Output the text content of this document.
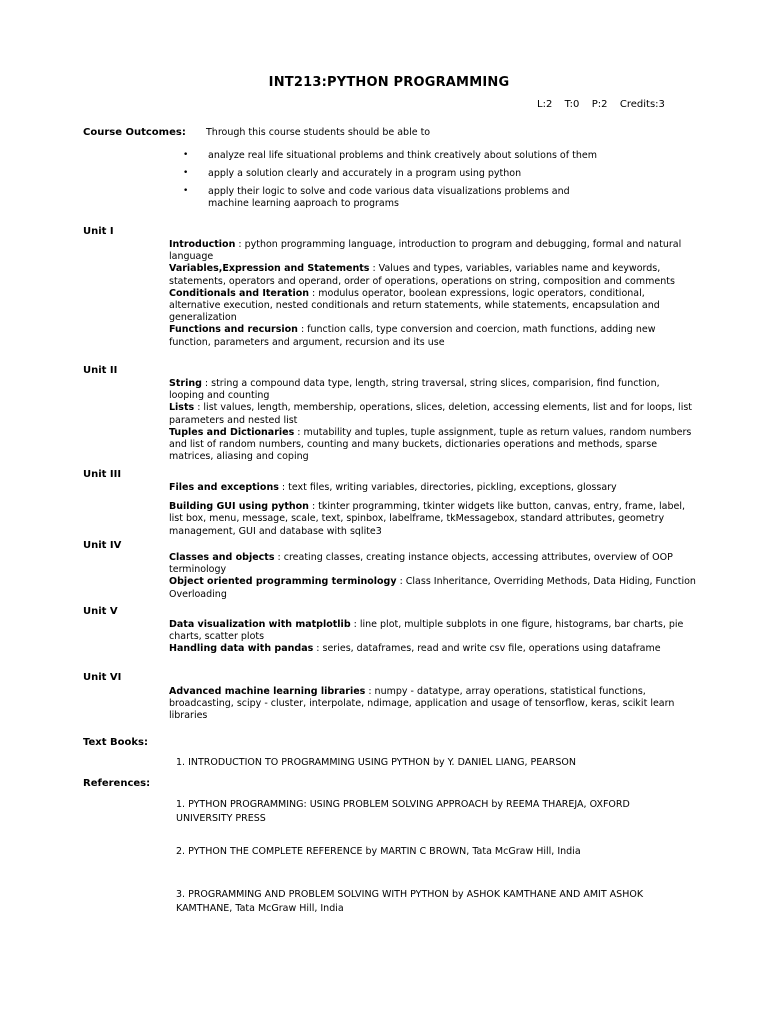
INT213:PYTHON PROGRAMMING
L:2  T:0  P:2  Credits:3
Course Outcomes: Through this course students should be able to
• analyze real life situational problems and think creatively about solutions of them
• apply a solution clearly and accurately in a program using python
• apply their logic to solve and code various data visualizations problems and machine learning aaproach to programs
Unit I

Introduction : python programming language, introduction to program and debugging, formal and natural language

Variables,Expression and Statements : Values and types, variables, variables name and keywords, statements, operators and operand, order of operations, operations on string, composition and comments

Conditionals and Iteration : modulus operator, boolean expressions, logic operators, conditional, alternative execution, nested conditionals and return statements, while statements, encapsulation and generalization

Functions and recursion : function calls, type conversion and coercion, math functions, adding new function, parameters and argument, recursion and its use

Unit II

String : string a compound data type, length, string traversal, string slices, comparision, find function, looping and counting

Lists : list values, length, membership, operations, slices, deletion, accessing elements, list and for loops, list parameters and nested list

Tuples and Dictionaries : mutability and tuples, tuple assignment, tuple as return values, random numbers and list of random numbers, counting and many buckets, dictionaries operations and methods, sparse matrices, aliasing and coping

Unit III

Files and exceptions : text files, writing variables, directories, pickling, exceptions, glossary

Building GUI using python : tkinter programming, tkinter widgets like button, canvas, entry, frame, label, list box, menu, message, scale, text, spinbox, labelframe, tkMessagebox, standard attributes, geometry management, GUI and database with sqlite3

Unit IV

Classes and objects : creating classes, creating instance objects, accessing attributes, overview of OOP terminology

Object oriented programming terminology : Class Inheritance, Overriding Methods, Data Hiding, Function Overloading

Unit V

Data visualization with matplotlib : line plot, multiple subplots in one figure, histograms, bar charts, pie charts, scatter plots

Handling data with pandas : series, dataframes, read and write csv file, operations using dataframe

Unit VI

Advanced machine learning libraries : numpy - datatype, array operations, statistical functions, broadcasting, scipy - cluster, interpolate, ndimage, application and usage of tensorflow, keras, scikit learn libraries

Text Books:
1. INTRODUCTION TO PROGRAMMING USING PYTHON by Y. DANIEL LIANG, PEARSON
References:
1. PYTHON PROGRAMMING: USING PROBLEM SOLVING APPROACH by REEMA THAREJA, OXFORD UNIVERSITY PRESS
2. PYTHON THE COMPLETE REFERENCE by MARTIN C BROWN, Tata McGraw Hill, India
3. PROGRAMMING AND PROBLEM SOLVING WITH PYTHON by ASHOK KAMTHANE AND AMIT ASHOK KAMTHANE, Tata McGraw Hill, India
